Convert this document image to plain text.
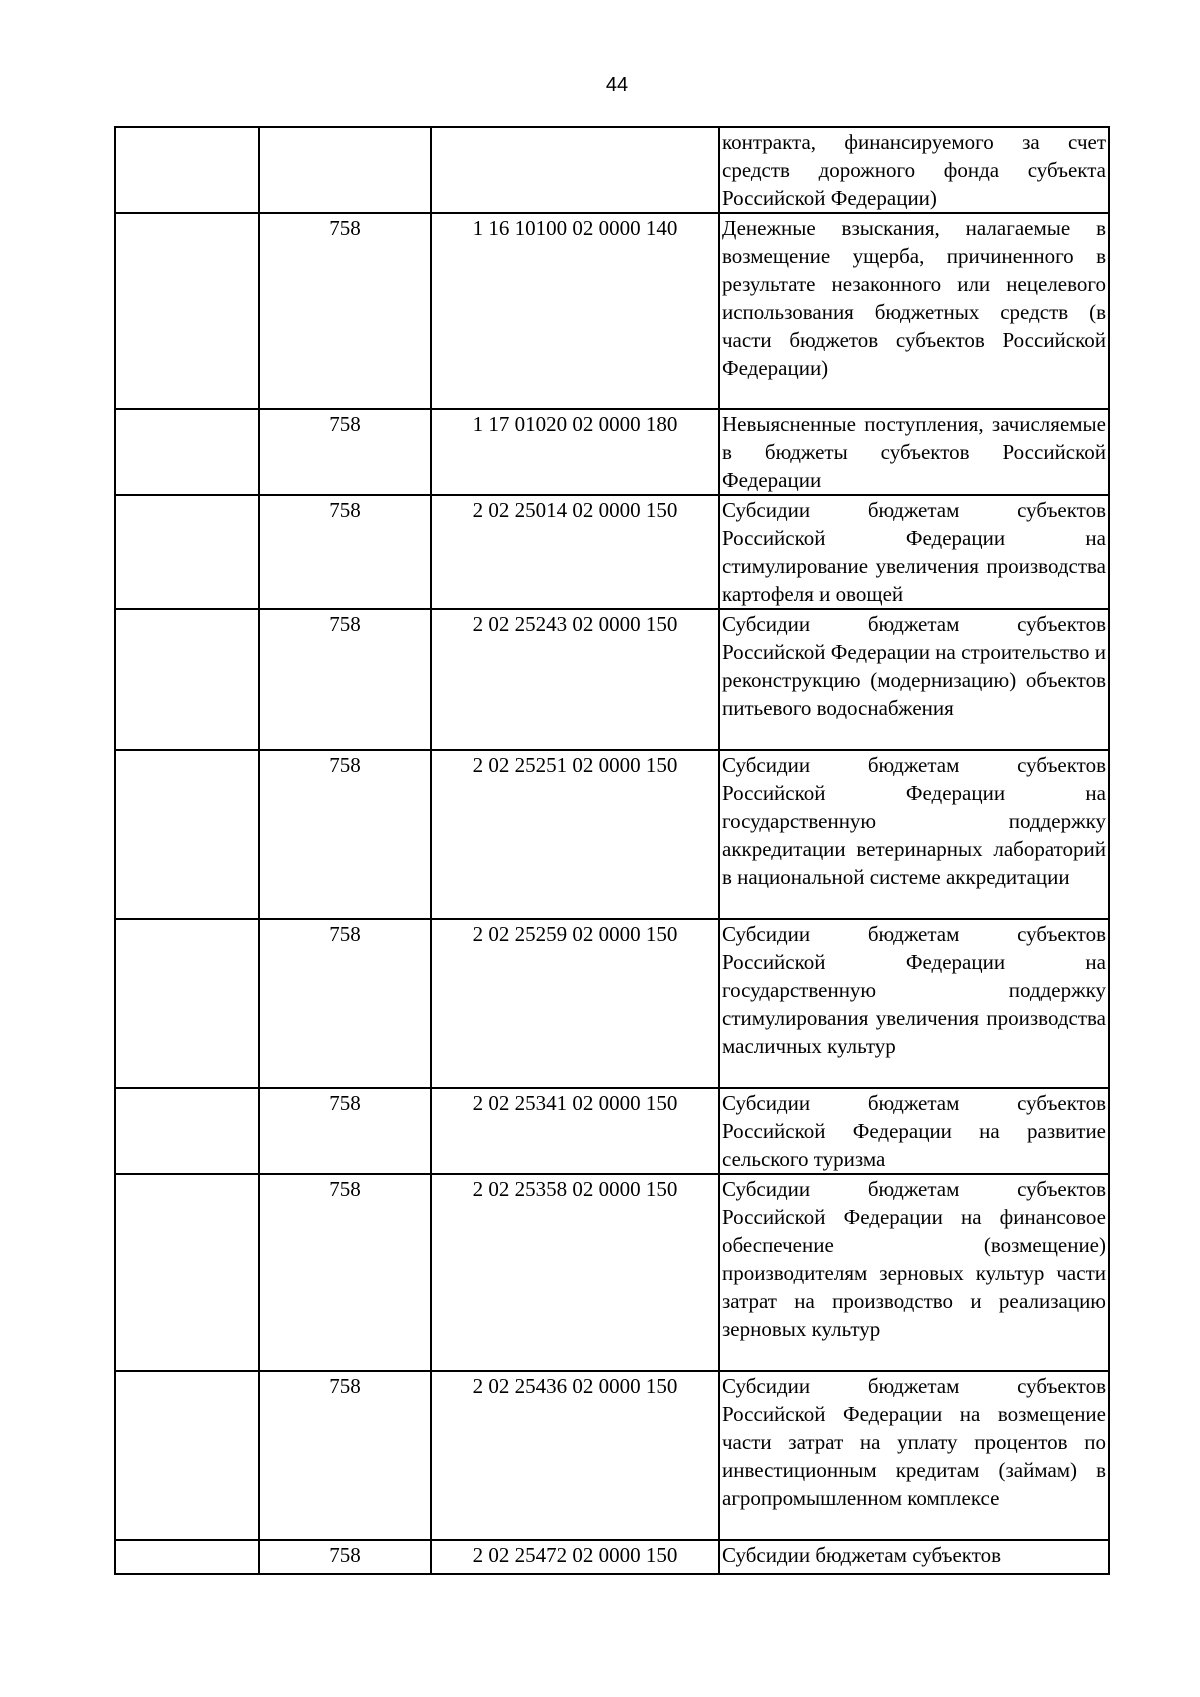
44

			контракта, финансируемого за счет средств дорожного фонда субъекта Российской Федерации)

	758	1 16 10100 02 0000 140	Денежные взыскания, налагаемые в возмещение ущерба, причиненного в результате незаконного или нецелевого использования бюджетных средств (в части бюджетов субъектов Российской Федерации)

	758	1 17 01020 02 0000 180	Невыясненные поступления, зачисляемые в бюджеты субъектов Российской Федерации

	758	2 02 25014 02 0000 150	Субсидии бюджетам субъектов Российской Федерации на стимулирование увеличения производства картофеля и овощей

	758	2 02 25243 02 0000 150	Субсидии бюджетам субъектов Российской Федерации на строительство и реконструкцию (модернизацию) объектов питьевого водоснабжения

	758	2 02 25251 02 0000 150	Субсидии бюджетам субъектов Российской Федерации на государственную поддержку аккредитации ветеринарных лабораторий в национальной системе аккредитации

	758	2 02 25259 02 0000 150	Субсидии бюджетам субъектов Российской Федерации на государственную поддержку стимулирования увеличения производства масличных культур

	758	2 02 25341 02 0000 150	Субсидии бюджетам субъектов Российской Федерации на развитие сельского туризма

	758	2 02 25358 02 0000 150	Субсидии бюджетам субъектов Российской Федерации на финансовое обеспечение (возмещение) производителям зерновых культур части затрат на производство и реализацию зерновых культур

	758	2 02 25436 02 0000 150	Субсидии бюджетам субъектов Российской Федерации на возмещение части затрат на уплату процентов по инвестиционным кредитам (займам) в агропромышленном комплексе

	758	2 02 25472 02 0000 150	Субсидии бюджетам субъектов
